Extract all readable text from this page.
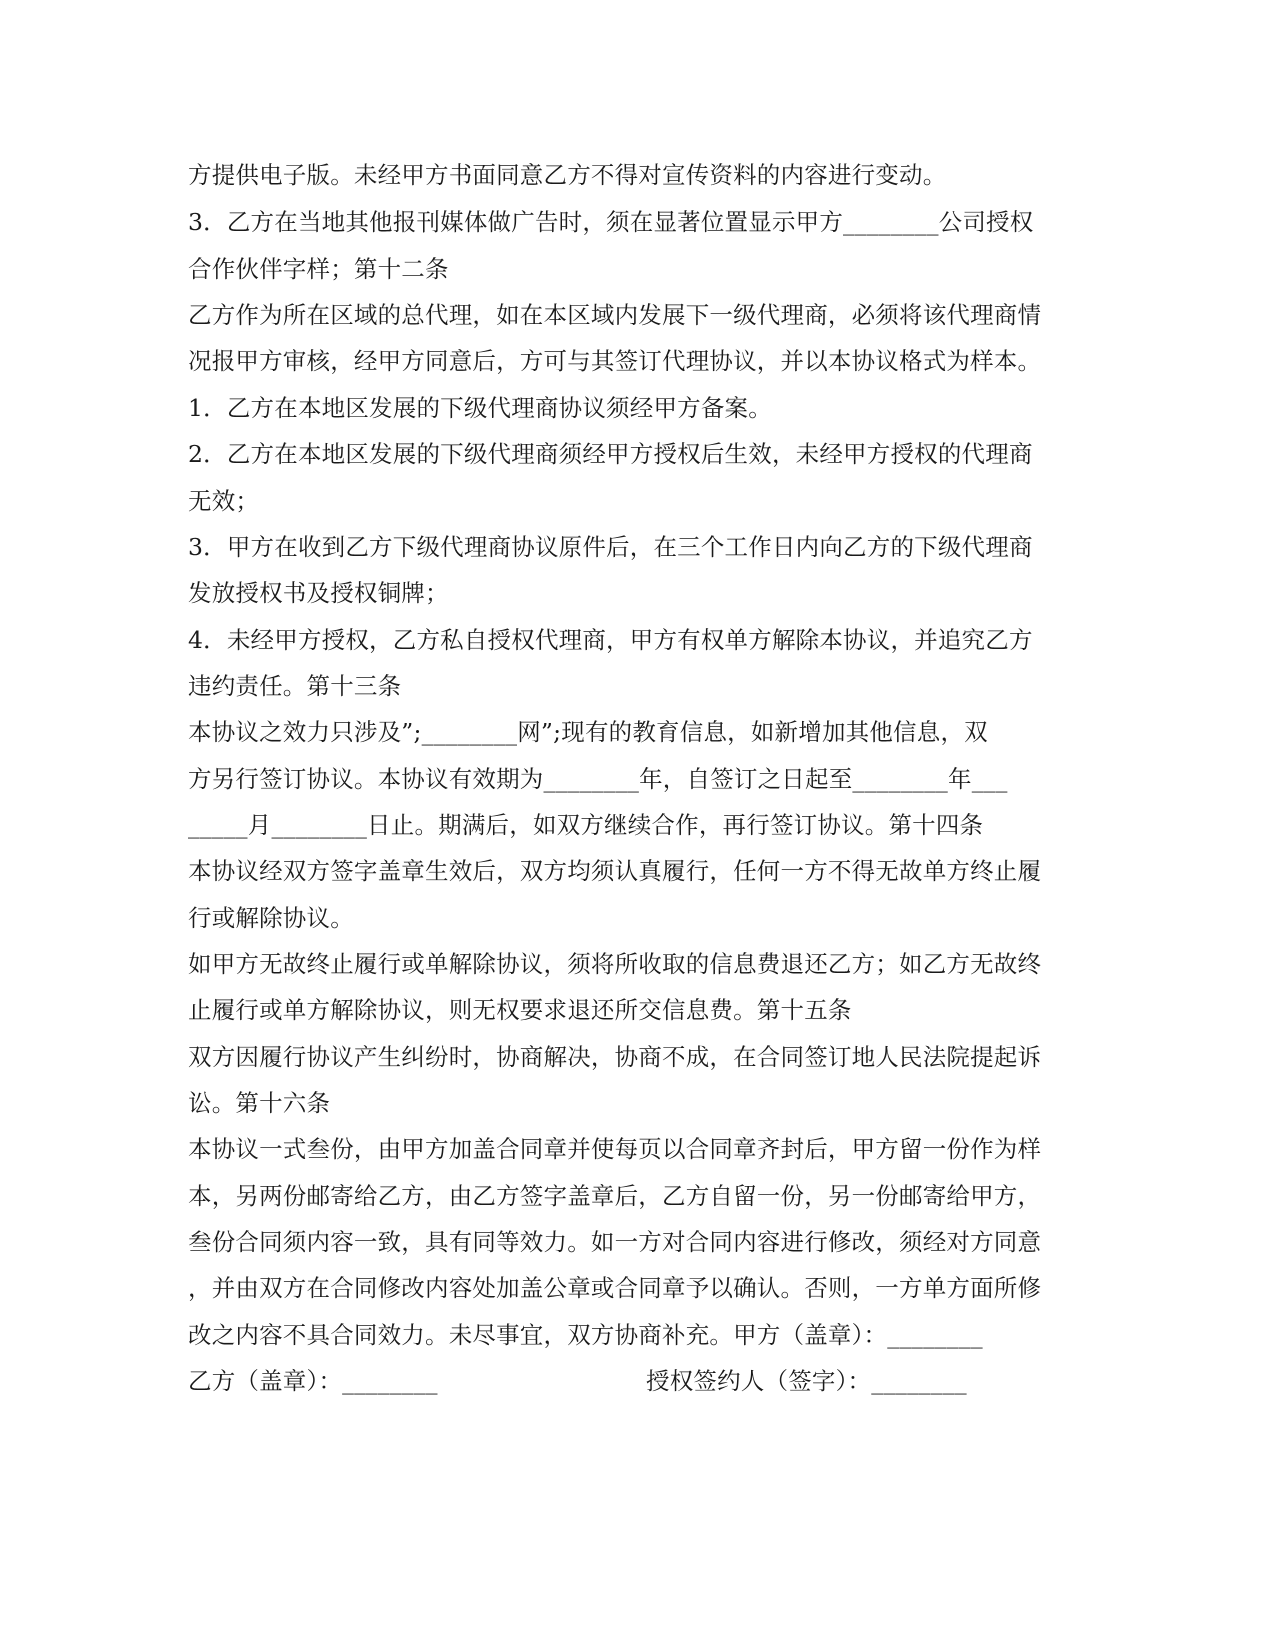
方提供电子版。未经甲方书面同意乙方不得对宣传资料的内容进行变动。
3．乙方在当地其他报刊媒体做广告时，须在显著位置显示甲方________公司授权
合作伙伴字样；第十二条
乙方作为所在区域的总代理，如在本区域内发展下一级代理商，必须将该代理商情
况报甲方审核，经甲方同意后，方可与其签订代理协议，并以本协议格式为样本。
1．乙方在本地区发展的下级代理商协议须经甲方备案。
2．乙方在本地区发展的下级代理商须经甲方授权后生效，未经甲方授权的代理商
无效；
3．甲方在收到乙方下级代理商协议原件后，在三个工作日内向乙方的下级代理商
发放授权书及授权铜牌；
4．未经甲方授权，乙方私自授权代理商，甲方有权单方解除本协议，并追究乙方
违约责任。第十三条
本协议之效力只涉及”;________网”;现有的教育信息，如新增加其他信息，双
方另行签订协议。本协议有效期为________年，自签订之日起至________年___
_____月________日止。期满后，如双方继续合作，再行签订协议。第十四条
本协议经双方签字盖章生效后，双方均须认真履行，任何一方不得无故单方终止履
行或解除协议。
如甲方无故终止履行或单解除协议，须将所收取的信息费退还乙方；如乙方无故终
止履行或单方解除协议，则无权要求退还所交信息费。第十五条
双方因履行协议产生纠纷时，协商解决，协商不成，在合同签订地人民法院提起诉
讼。第十六条
本协议一式叁份，由甲方加盖合同章并使每页以合同章齐封后，甲方留一份作为样
本，另两份邮寄给乙方，由乙方签字盖章后，乙方自留一份，另一份邮寄给甲方，
叁份合同须内容一致，具有同等效力。如一方对合同内容进行修改，须经对方同意
，并由双方在合同修改内容处加盖公章或合同章予以确认。否则，一方单方面所修
改之内容不具合同效力。未尽事宜，双方协商补充。甲方（盖章）：________
乙方（盖章）：________	授权签约人（签字）：________
